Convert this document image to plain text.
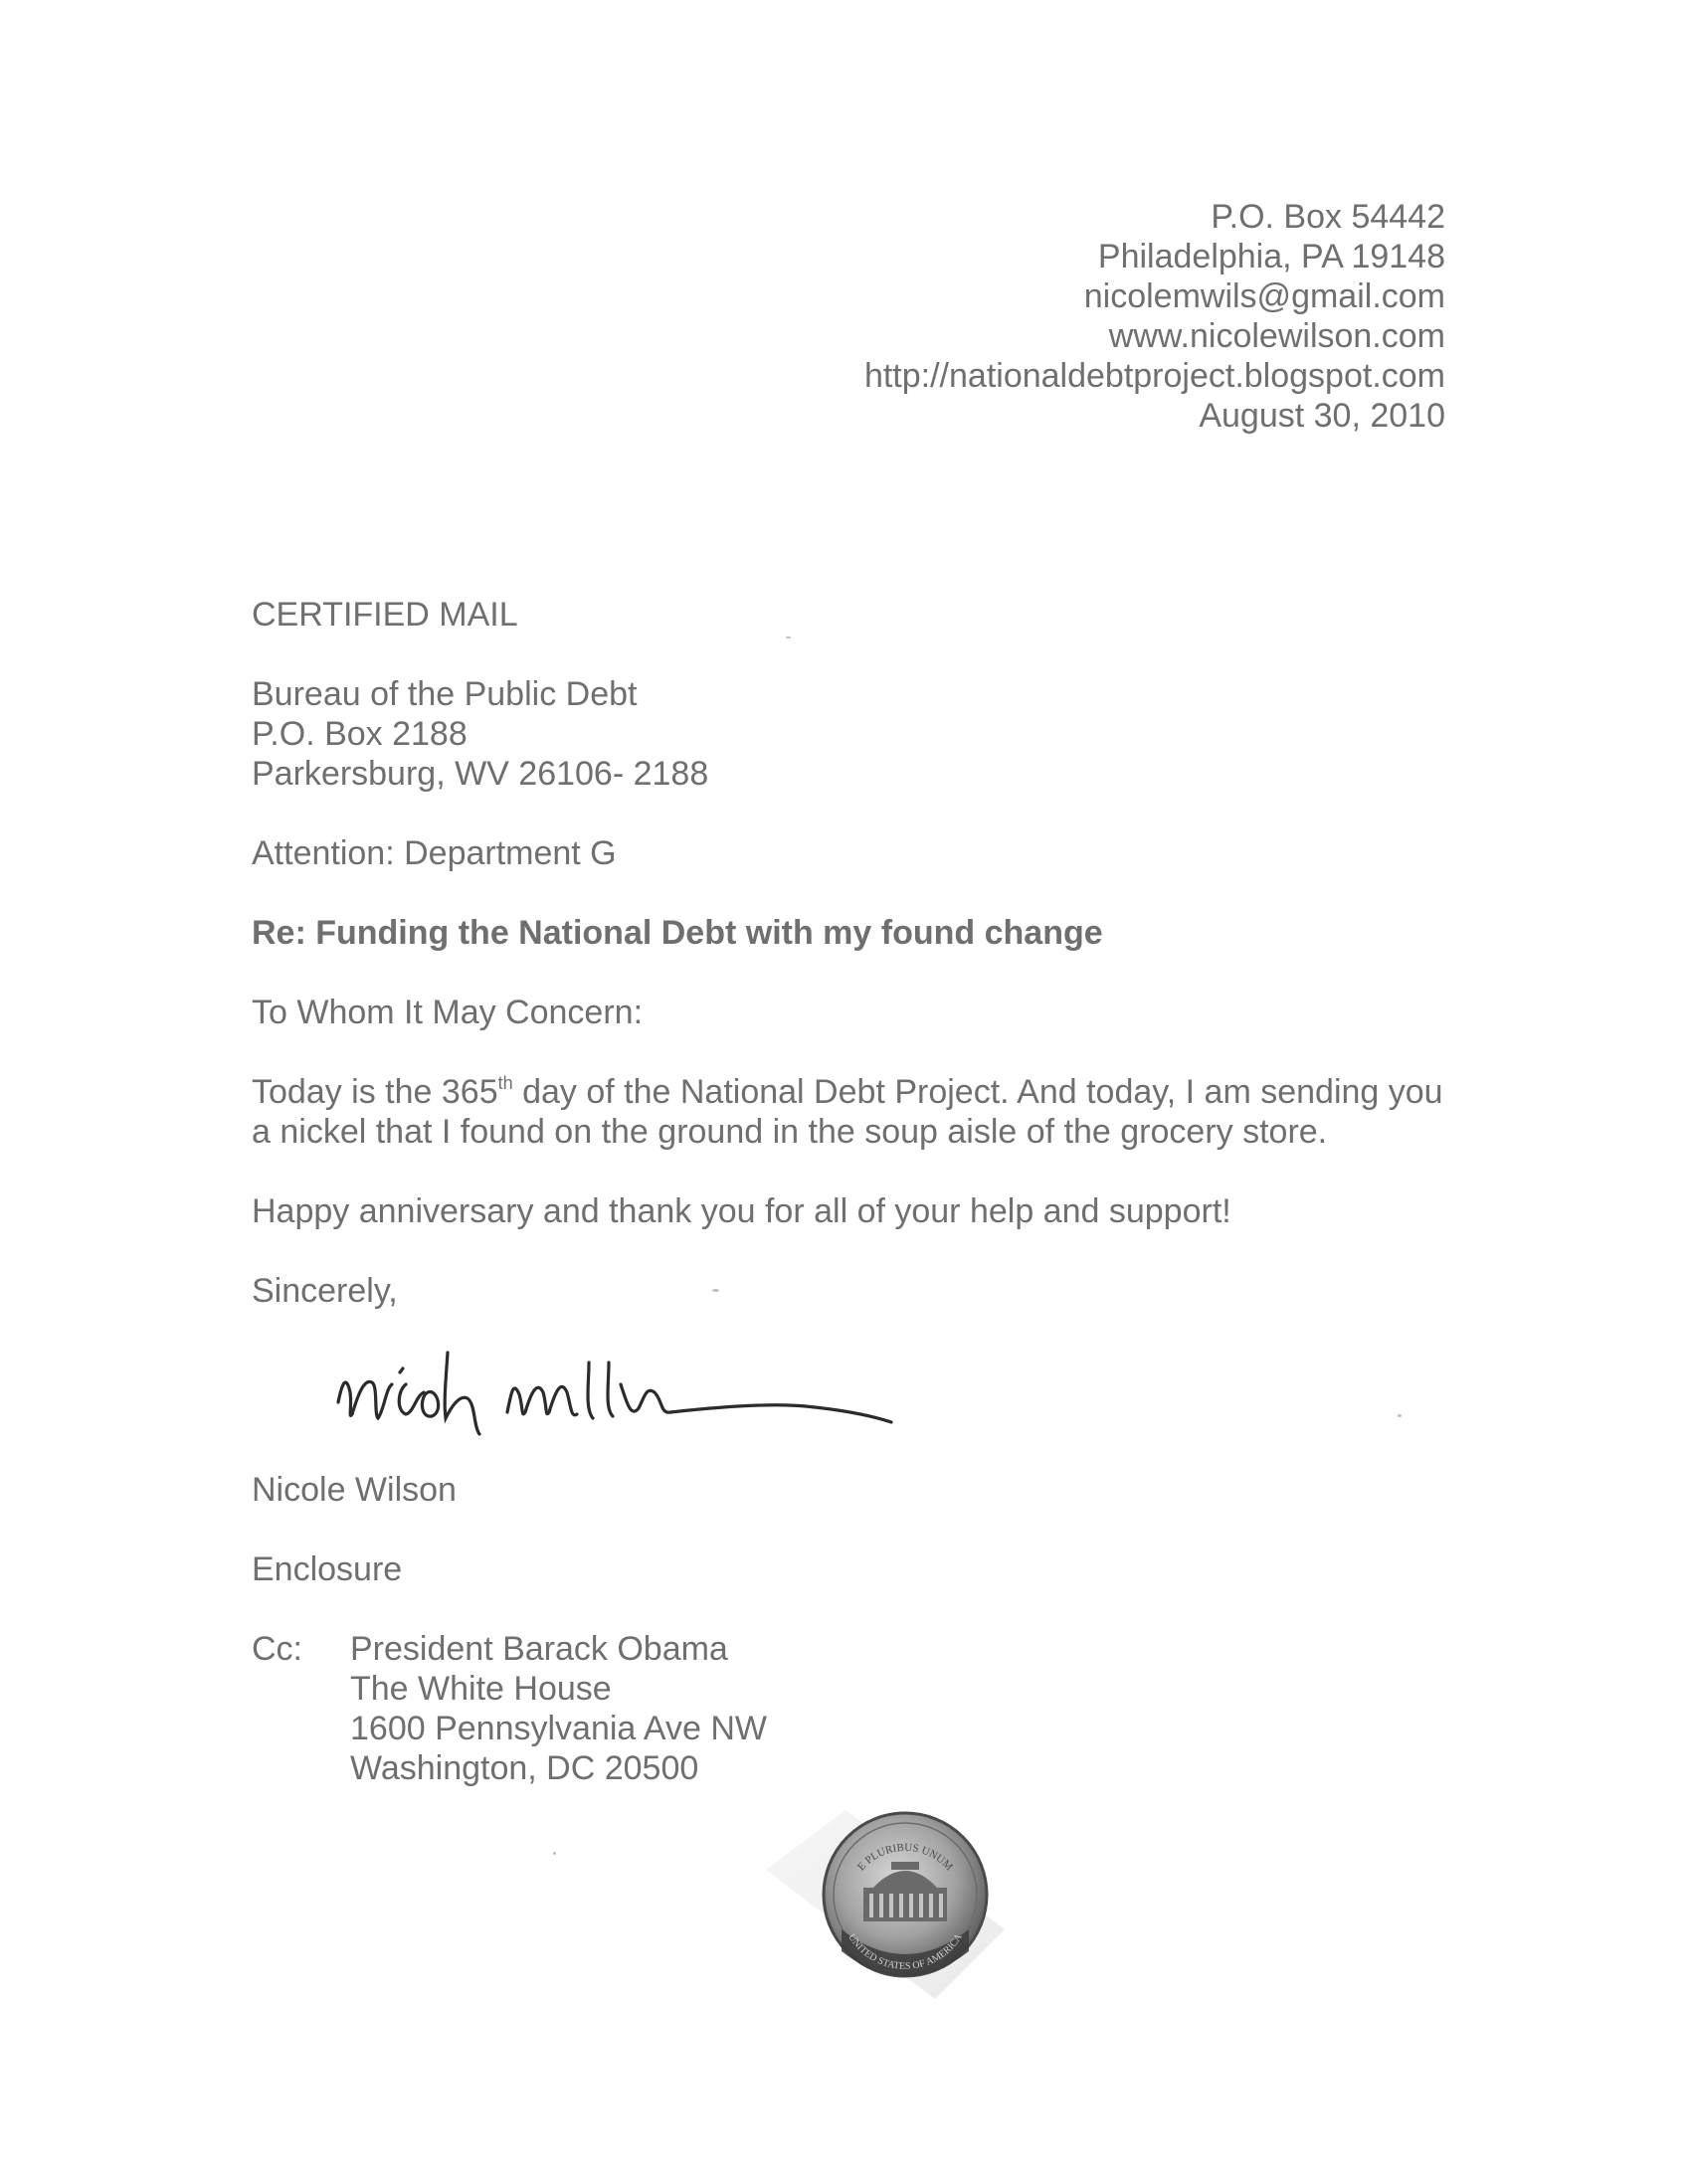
P.O. Box 54442
Philadelphia, PA 19148
nicolemwils@gmail.com
www.nicolewilson.com
http://nationaldebtproject.blogspot.com
August 30, 2010
CERTIFIED MAIL
Bureau of the Public Debt
P.O. Box 2188
Parkersburg, WV 26106- 2188
Attention: Department G
Re: Funding the National Debt with my found change
To Whom It May Concern:
Today is the 365th day of the National Debt Project. And today, I am sending you a nickel that I found on the ground in the soup aisle of the grocery store.
Happy anniversary and thank you for all of your help and support!
Sincerely,
Nicole Wilson
Enclosure
Cc: President Barack Obama
The White House
1600 Pennsylvania Ave NW
Washington, DC 20500
E PLURIBUS UNUM
UNITED STATES OF AMERICA
